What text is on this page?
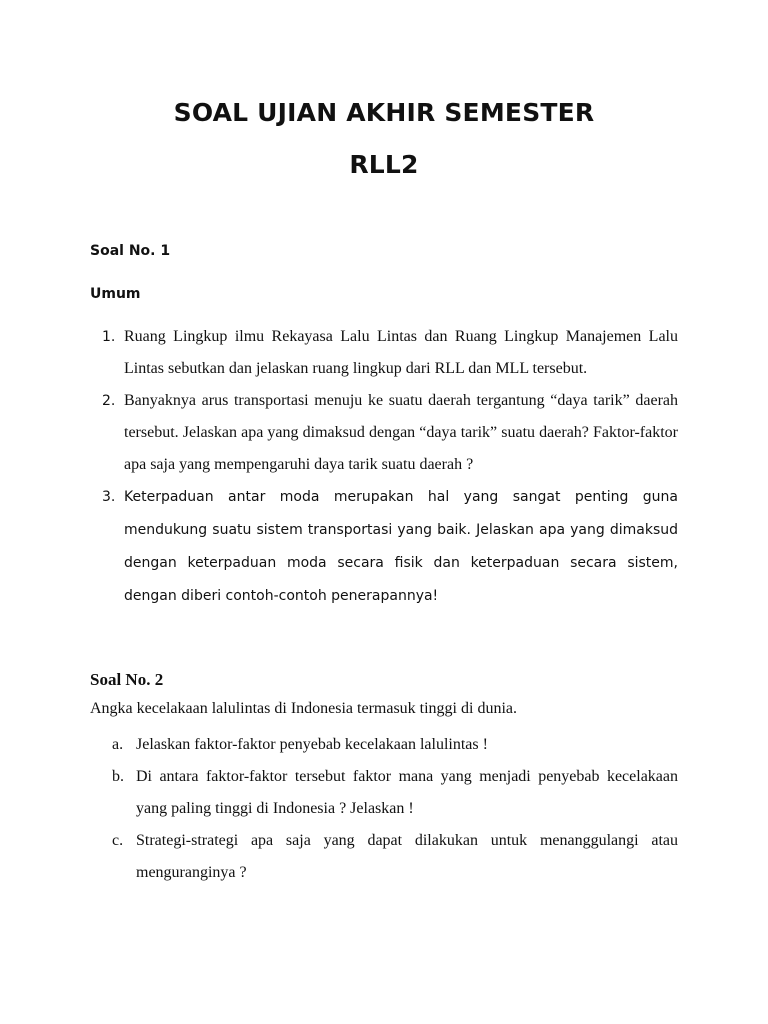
SOAL UJIAN AKHIR SEMESTER
RLL2
Soal No. 1
Umum
1. Ruang Lingkup ilmu Rekayasa Lalu Lintas dan Ruang Lingkup Manajemen Lalu Lintas sebutkan dan jelaskan ruang lingkup dari RLL dan MLL tersebut.
2. Banyaknya arus transportasi menuju ke suatu daerah tergantung “daya tarik” daerah tersebut. Jelaskan apa yang dimaksud dengan “daya tarik” suatu daerah? Faktor-faktor apa saja yang mempengaruhi daya tarik suatu daerah ?
3. Keterpaduan antar moda merupakan hal yang sangat penting guna mendukung suatu sistem transportasi yang baik. Jelaskan apa yang dimaksud dengan keterpaduan moda secara fisik dan keterpaduan secara sistem, dengan diberi contoh-contoh penerapannya!
Soal No. 2

Angka kecelakaan lalulintas di Indonesia termasuk tinggi di dunia.

a. Jelaskan faktor-faktor penyebab kecelakaan lalulintas !
b. Di antara faktor-faktor tersebut faktor mana yang menjadi penyebab kecelakaan yang paling tinggi di Indonesia ? Jelaskan !
c. Strategi-strategi apa saja yang dapat dilakukan untuk menanggulangi atau menguranginya ?
